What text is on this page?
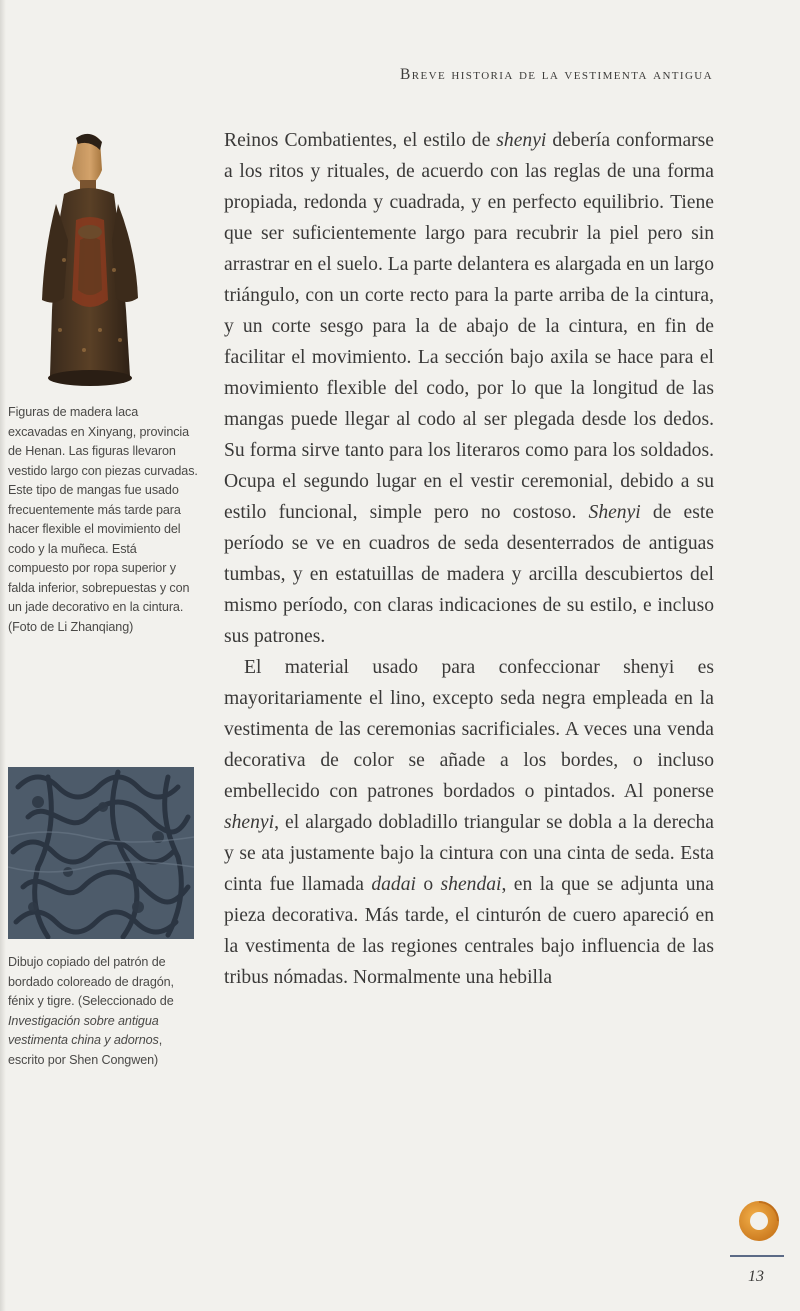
Breve historia de la vestimenta antigua
Figuras de madera laca excavadas en Xinyang, provincia de Henan. Las figuras llevaron vestido largo con piezas curvadas. Este tipo de mangas fue usado frecuentemente más tarde para hacer flexible el movimiento del codo y la muñeca. Está compuesto por ropa superior y falda inferior, sobrepuestas y con un jade decorativo en la cintura. (Foto de Li Zhanqiang)
Dibujo copiado del patrón de bordado coloreado de dragón, fénix y tigre. (Seleccionado de Investigación sobre antigua vestimenta china y adornos, escrito por Shen Congwen)

Reinos Combatientes, el estilo de shenyi debería conformarse a los ritos y rituales, de acuerdo con las reglas de una forma propiada, redonda y cuadrada, y en perfecto equilibrio. Tiene que ser suficientemente largo para recubrir la piel pero sin arrastrar en el suelo. La parte delantera es alargada en un largo triángulo, con un corte recto para la parte arriba de la cintura, y un corte sesgo para la de abajo de la cintura, en fin de facilitar el movimiento. La sección bajo axila se hace para el movimiento flexible del codo, por lo que la longitud de las mangas puede llegar al codo al ser plegada desde los dedos. Su forma sirve tanto para los literaros como para los soldados. Ocupa el segundo lugar en el vestir ceremonial, debido a su estilo funcional, simple pero no costoso. Shenyi de este período se ve en cuadros de seda desenterrados de antiguas tumbas, y en estatuillas de madera y arcilla descubiertos del mismo período, con claras indicaciones de su estilo, e incluso sus patrones.

El material usado para confeccionar shenyi es mayoritariamente el lino, excepto seda negra empleada en la vestimenta de las ceremonias sacrificiales. A veces una venda decorativa de color se añade a los bordes, o incluso embellecido con patrones bordados o pintados. Al ponerse shenyi, el alargado dobladillo triangular se dobla a la derecha y se ata justamente bajo la cintura con una cinta de seda. Esta cinta fue llamada dadai o shendai, en la que se adjunta una pieza decorativa. Más tarde, el cinturón de cuero apareció en la vestimenta de las regiones centrales bajo influencia de las tribus nómadas. Normalmente una hebilla

13
